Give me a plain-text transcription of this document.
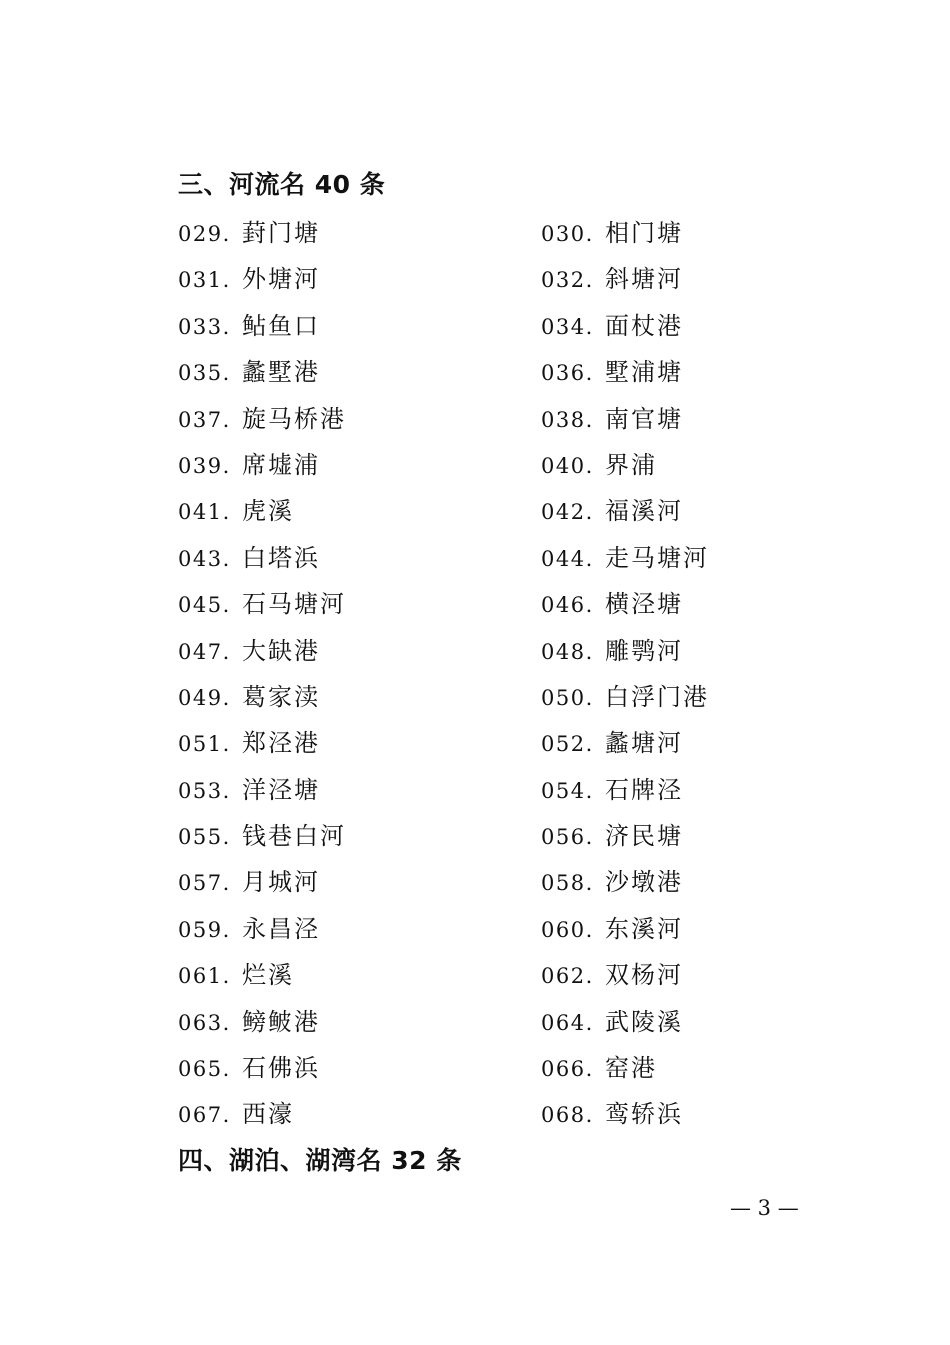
三、河流名 40 条
029. 葑门塘	030. 相门塘
031. 外塘河	032. 斜塘河
033. 鲇鱼口	034. 面杖港
035. 蠡墅港	036. 墅浦塘
037. 旋马桥港	038. 南官塘
039. 席墟浦	040. 界浦
041. 虎溪	042. 福溪河
043. 白塔浜	044. 走马塘河
045. 石马塘河	046. 横泾塘
047. 大缺港	048. 雕鹗河
049. 葛家渎	050. 白浮门港
051. 郑泾港	052. 蠡塘河
053. 洋泾塘	054. 石牌泾
055. 钱巷白河	056. 济民塘
057. 月城河	058. 沙墩港
059. 永昌泾	060. 东溪河
061. 烂溪	062. 双杨河
063. 鳑鲏港	064. 武陵溪
065. 石佛浜	066. 窑港
067. 西濠	068. 鸾轿浜
四、湖泊、湖湾名 32 条
— 3 —
